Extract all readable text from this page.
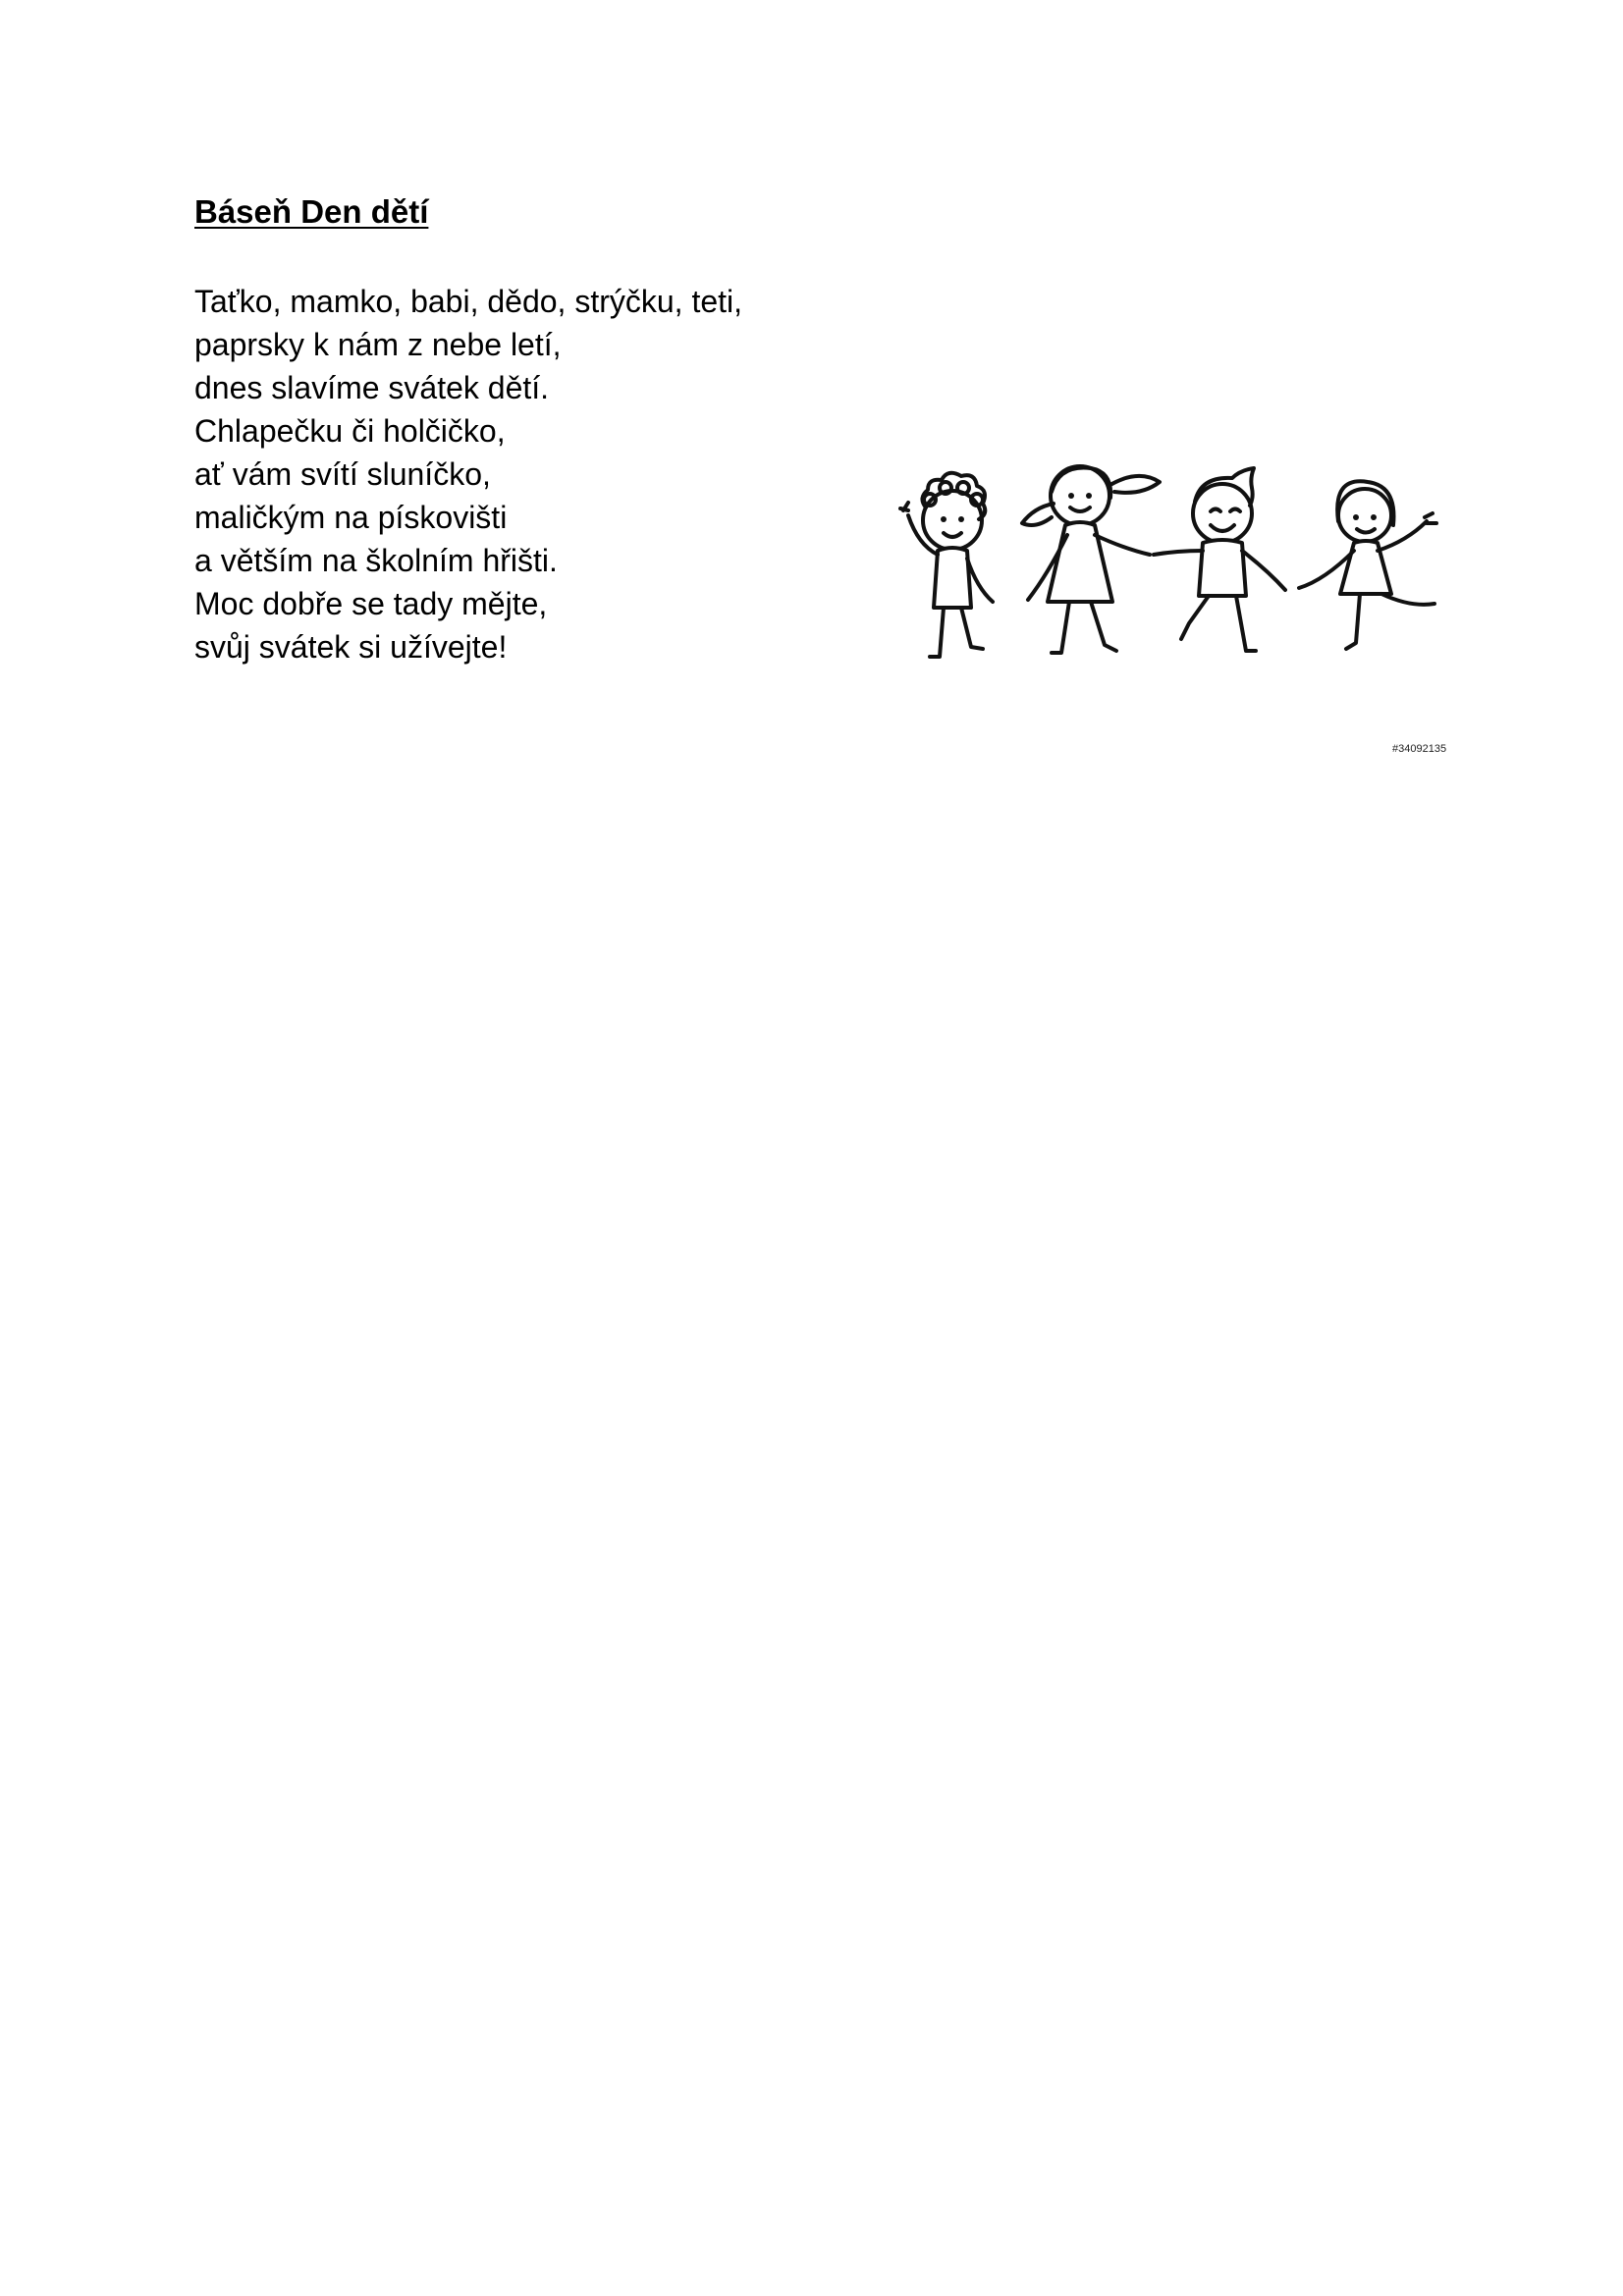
Báseň Den dětí
Taťko, mamko, babi, dědo, strýčku, teti,
paprsky k nám z nebe letí,
dnes slavíme svátek dětí.
Chlapečku či holčičko,
ať vám svítí sluníčko,
maličkým na pískovišti
a větším na školním hřišti.
Moc dobře se tady mějte,
svůj svátek si užívejte!
#34092135
